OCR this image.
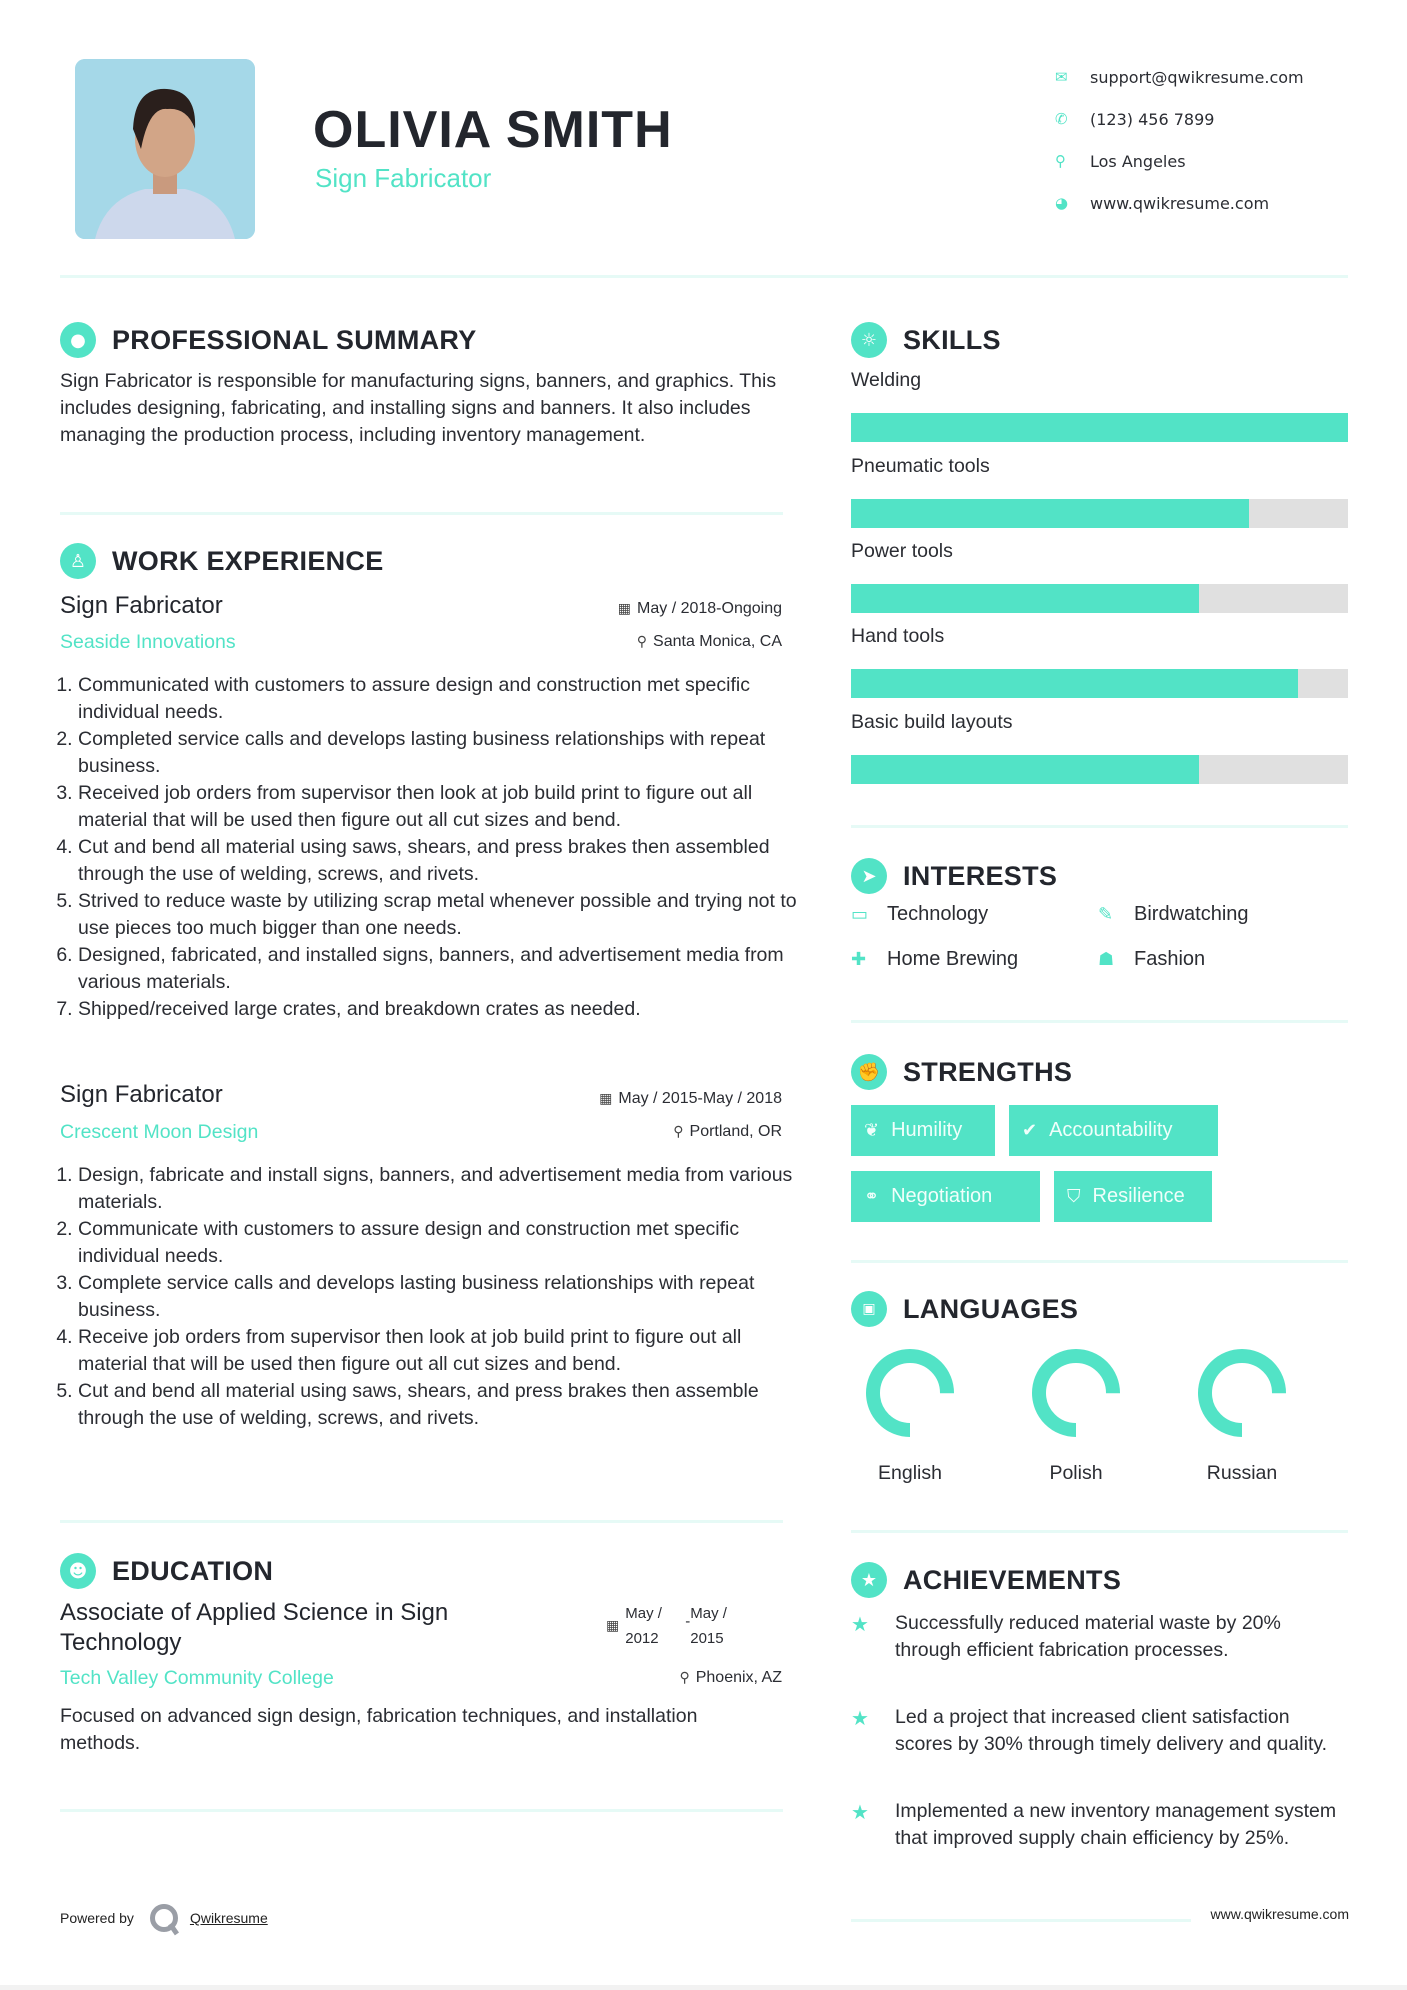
OLIVIA SMITH
Sign Fabricator
✉	support@qwikresume.com
✆	(123) 456 7899
⚲	Los Angeles
◕	www.qwikresume.com
● PROFESSIONAL SUMMARY
Sign Fabricator is responsible for manufacturing signs, banners, and graphics. This includes designing, fabricating, and installing signs and banners. It also includes managing the production process, including inventory management.
♙ WORK EXPERIENCE
Sign Fabricator
Seaside Innovations
▦ May / 2018-Ongoing
⚲ Santa Monica, CA
1. Communicated with customers to assure design and construction met specific individual needs.
2. Completed service calls and develops lasting business relationships with repeat business.
3. Received job orders from supervisor then look at job build print to figure out all material that will be used then figure out all cut sizes and bend.
4. Cut and bend all material using saws, shears, and press brakes then assembled through the use of welding, screws, and rivets.
5. Strived to reduce waste by utilizing scrap metal whenever possible and trying not to use pieces too much bigger than one needs.
6. Designed, fabricated, and installed signs, banners, and advertisement media from various materials.
7. Shipped/received large crates, and breakdown crates as needed.
Sign Fabricator
Crescent Moon Design
▦ May / 2015-May / 2018
⚲ Portland, OR
1. Design, fabricate and install signs, banners, and advertisement media from various materials.
2. Communicate with customers to assure design and construction met specific individual needs.
3. Complete service calls and develops lasting business relationships with repeat business.
4. Receive job orders from supervisor then look at job build print to figure out all material that will be used then figure out all cut sizes and bend.
5. Cut and bend all material using saws, shears, and press brakes then assemble through the use of welding, screws, and rivets.
☻ EDUCATION
Associate of Applied Science in Sign Technology
▦
May / 2012
- May / 2015
Tech Valley Community College	⚲ Phoenix, AZ
Focused on advanced sign design, fabrication techniques, and installation methods.
☼ SKILLS
Welding
Pneumatic tools
Power tools
Hand tools
Basic build layouts
➤ INTERESTS
▭ Technology	✎	Birdwatching
✚	Home Brewing	☗ Fashion
✊ STRENGTHS
❦ Humility	✔ Accountability
⚭ Negotiation	⛉ Resilience
▣	LANGUAGES
English	Polish	Russian
★ ACHIEVEMENTS
★	Successfully reduced material waste by 20% through efficient fabrication processes.
★	Led a project that increased client satisfaction scores by 30% through timely delivery and quality.
★	Implemented a new inventory management system that improved supply chain efficiency by 25%.
Powered by	Qwikresume	www.qwikresume.com
